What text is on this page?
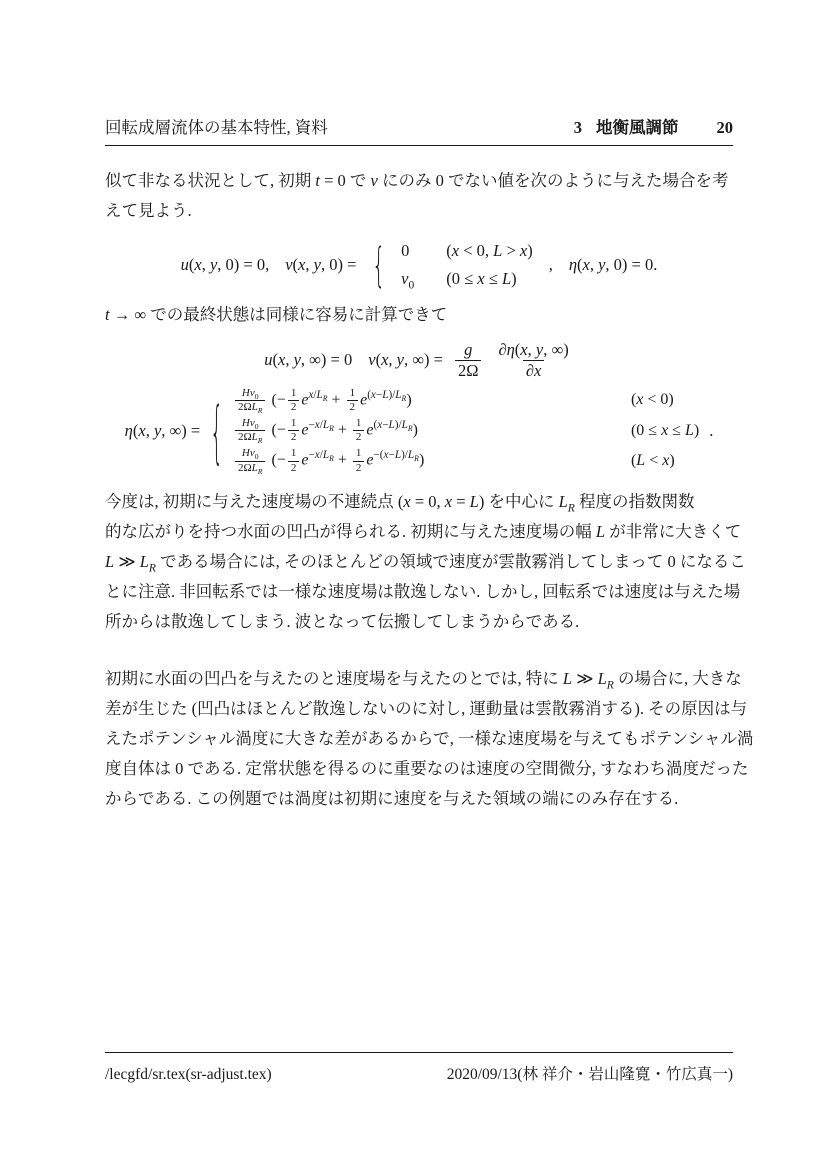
回転成層流体の基本特性, 資料	3 地衡風調節 20
似て非なる状況として, 初期 t = 0 で v にのみ 0 でない値を次のように与えた場合を考
えて見よう.
u(x, y, 0) = 0, v(x, y, 0) = { 0 (x < 0, L > x)
$v_0$ (0 ≤ x ≤ L)
, η(x, y, 0) = 0.
t → ∞ での最終状態は同様に容易に計算できて
u(x, y, ∞) = 0 v(x, y, ∞) = $\frac{g}{2\Omega} \frac{\partial\eta(x, y, \infty)}{\partial x}$
η(x, y, ∞) = { $\frac{Hv_0}{2\Omega L_R}$ (− $\frac{1}{2} e^{x/L_R} + \frac{1}{2} e^{(x-L)/L_R}$)	(x < 0)
$\frac{Hv_0}{2\Omega L_R}$ (− $\frac{1}{2} e^{-x/L_R} + \frac{1}{2} e^{(x-L)/L_R}$)	(0 ≤ x ≤ L)
$\frac{Hv_0}{2\Omega L_R}$ (− $\frac{1}{2} e^{-x/L_R} + \frac{1}{2} e^{-(x-L)/L_R}$)	(L < x)
.
今度は, 初期に与えた速度場の不連続点 (x = 0, x = L) を中心に $L_R$ 程度の指数関数
的な広がりを持つ水面の凹凸が得られる. 初期に与えた速度場の幅 L が非常に大きくて
L ≫ $L_R$ である場合には, そのほとんどの領域で速度が雲散霧消してしまって 0 になるこ
とに注意. 非回転系では一様な速度場は散逸しない. しかし, 回転系では速度は与えた場
所からは散逸してしまう. 波となって伝搬してしまうからである.
初期に水面の凹凸を与えたのと速度場を与えたのとでは, 特に L ≫ $L_R$ の場合に, 大きな
差が生じた (凹凸はほとんど散逸しないのに対し, 運動量は雲散霧消する). その原因は与
えたポテンシャル渦度に大きな差があるからで, 一様な速度場を与えてもポテンシャル渦
度自体は 0 である. 定常状態を得るのに重要なのは速度の空間微分, すなわち渦度だった
からである. この例題では渦度は初期に速度を与えた領域の端にのみ存在する.
/lecgfd/sr.tex(sr-adjust.tex)	2020/09/13(林 祥介・岩山隆寛・竹広真一)
